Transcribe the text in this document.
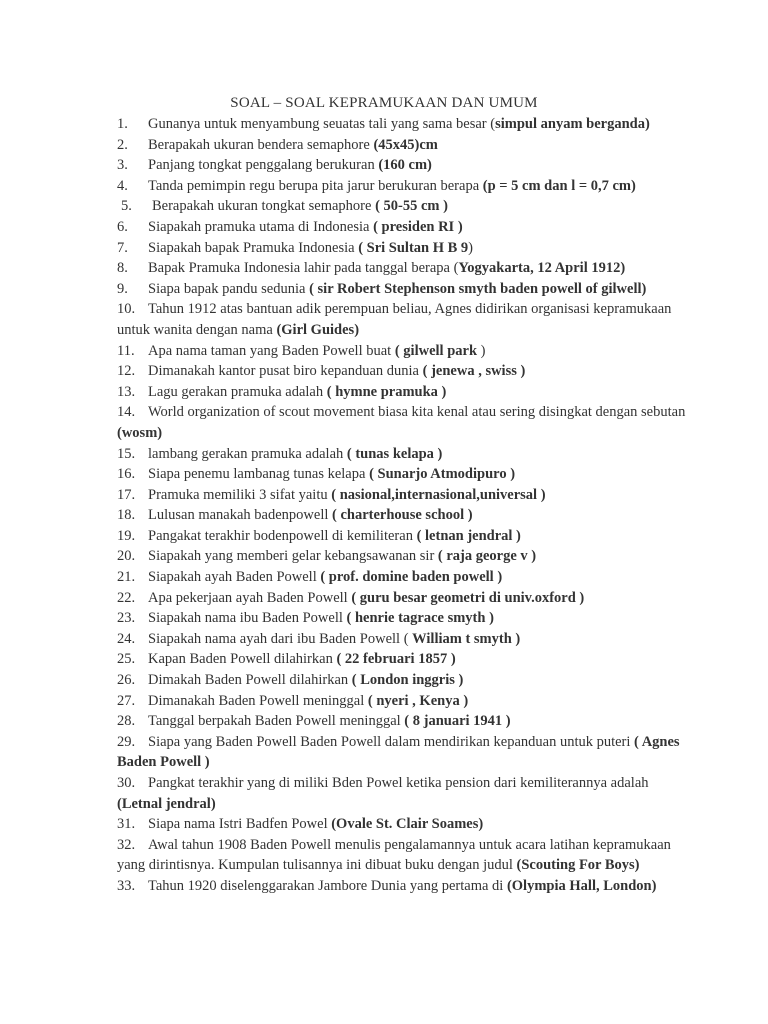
SOAL – SOAL KEPRAMUKAAN DAN UMUM
1. Gunanya untuk menyambung seuatas tali yang sama besar (simpul anyam berganda)
2. Berapakah ukuran bendera semaphore (45x45)cm
3. Panjang tongkat penggalang berukuran (160 cm)
4. Tanda pemimpin regu berupa pita jarur berukuran berapa (p = 5 cm dan l = 0,7 cm)
5. Berapakah ukuran tongkat semaphore ( 50-55 cm )
6. Siapakah pramuka utama di Indonesia ( presiden RI )
7. Siapakah bapak Pramuka Indonesia ( Sri Sultan H B 9)
8. Bapak Pramuka Indonesia lahir pada tanggal berapa (Yogyakarta, 12 April 1912)
9. Siapa bapak pandu sedunia ( sir Robert Stephenson smyth baden powell of gilwell)
10. Tahun 1912 atas bantuan adik perempuan beliau, Agnes didirikan organisasi kepramukaan untuk wanita dengan nama (Girl Guides)
11. Apa nama taman yang Baden Powell buat ( gilwell park )
12. Dimanakah kantor pusat biro kepanduan dunia ( jenewa , swiss )
13. Lagu gerakan pramuka adalah ( hymne pramuka )
14. World organization of scout movement biasa kita kenal atau sering disingkat dengan sebutan (wosm)
15. lambang gerakan pramuka adalah ( tunas kelapa )
16. Siapa penemu lambanag tunas kelapa ( Sunarjo Atmodipuro )
17. Pramuka memiliki 3 sifat yaitu ( nasional,internasional,universal )
18. Lulusan manakah badenpowell ( charterhouse school )
19. Pangakat terakhir bodenpowell di kemiliteran ( letnan jendral )
20. Siapakah yang memberi gelar kebangsawanan sir ( raja george v )
21. Siapakah ayah Baden Powell ( prof. domine baden powell )
22. Apa pekerjaan ayah Baden Powell ( guru besar geometri di univ.oxford )
23. Siapakah nama ibu Baden Powell ( henrie tagrace smyth )
24. Siapakah nama ayah dari ibu Baden Powell ( William t smyth )
25. Kapan Baden Powell dilahirkan ( 22 februari 1857 )
26. Dimakah Baden Powell dilahirkan ( London inggris )
27. Dimanakah Baden Powell meninggal ( nyeri , Kenya )
28. Tanggal berpakah Baden Powell meninggal ( 8 januari 1941 )
29. Siapa yang Baden Powell Baden Powell dalam mendirikan kepanduan untuk puteri ( Agnes Baden Powell )
30. Pangkat terakhir yang di miliki Bden Powel ketika pension dari kemiliterannya adalah (Letnal jendral)
31. Siapa nama Istri Badfen Powel (Ovale St. Clair Soames)
32. Awal tahun 1908 Baden Powell menulis pengalamannya untuk acara latihan kepramukaan yang dirintisnya. Kumpulan tulisannya ini dibuat buku dengan judul (Scouting For Boys)
33. Tahun 1920 diselenggarakan Jambore Dunia yang pertama di (Olympia Hall, London)
